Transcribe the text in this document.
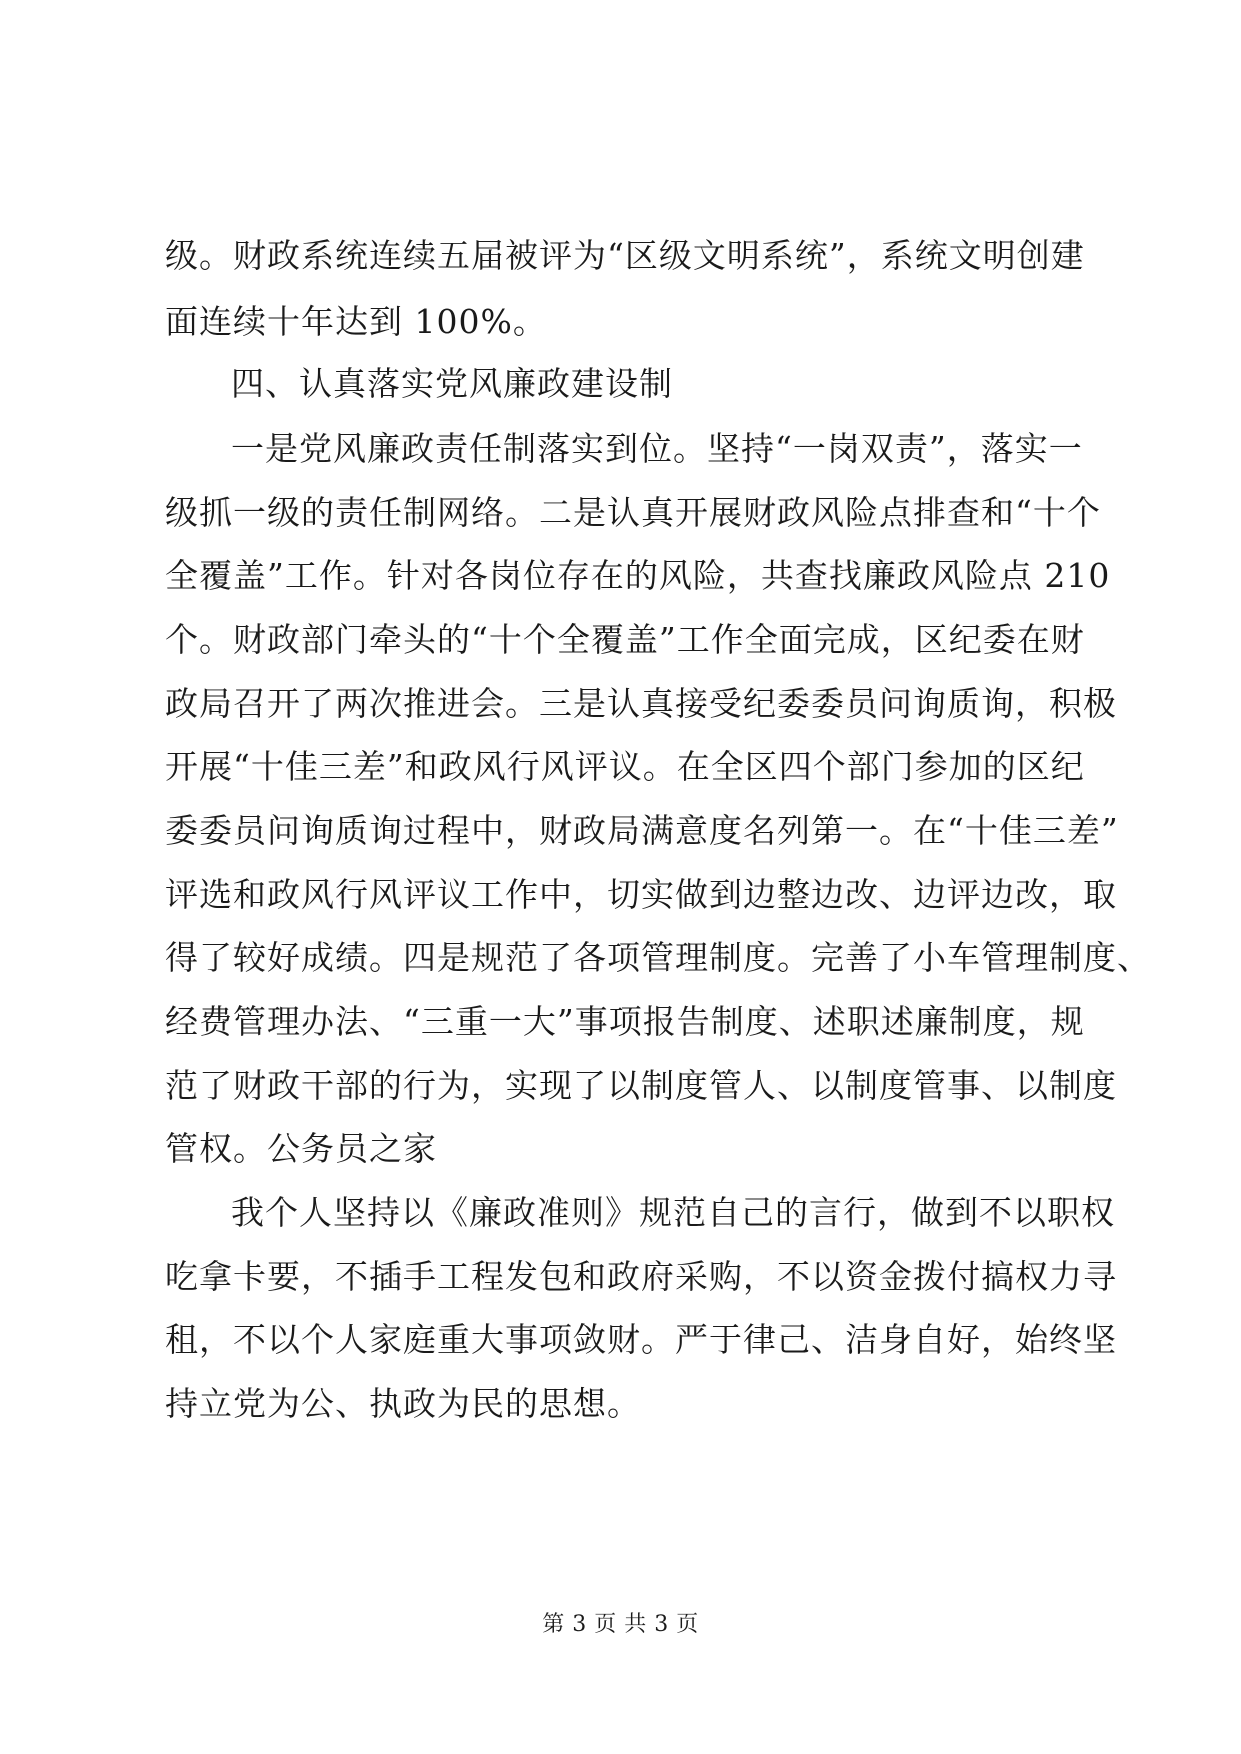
级。财政系统连续五届被评为“区级文明系统”，系统文明创建
面连续十年达到 100%。
四、认真落实党风廉政建设制
一是党风廉政责任制落实到位。坚持“一岗双责”，落实一
级抓一级的责任制网络。二是认真开展财政风险点排查和“十个
全覆盖”工作。针对各岗位存在的风险，共查找廉政风险点 210
个。财政部门牵头的“十个全覆盖”工作全面完成，区纪委在财
政局召开了两次推进会。三是认真接受纪委委员问询质询，积极
开展“十佳三差”和政风行风评议。在全区四个部门参加的区纪
委委员问询质询过程中，财政局满意度名列第一。在“十佳三差”
评选和政风行风评议工作中，切实做到边整边改、边评边改，取
得了较好成绩。四是规范了各项管理制度。完善了小车管理制度、
经费管理办法、“三重一大”事项报告制度、述职述廉制度，规
范了财政干部的行为，实现了以制度管人、以制度管事、以制度
管权。公务员之家
我个人坚持以《廉政准则》规范自己的言行，做到不以职权
吃拿卡要，不插手工程发包和政府采购，不以资金拨付搞权力寻
租，不以个人家庭重大事项敛财。严于律己、洁身自好，始终坚
持立党为公、执政为民的思想。
第 3 页 共 3 页
